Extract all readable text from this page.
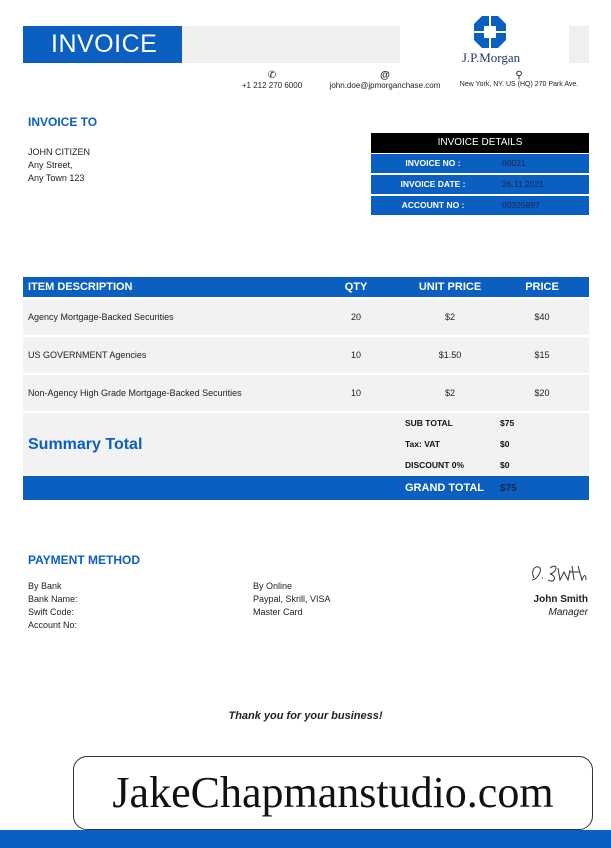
INVOICE	J.P.Morgan
✆
+1 212 270 6000
@
john.doe@jpmorganchase.com
⚲
New York, NY. US (HQ) 270 Park Ave.
INVOICE TO
JOHN CITIZEN
Any Street,
Any Town 123
INVOICE DETAILS
INVOICE NO :	00021
INVOICE DATE :	26.11.2021
ACCOUNT NO :	00325897
ITEM DESCRIPTION	QTY	UNIT PRICE	PRICE
Agency Mortgage-Backed Securities	20	$2	$40
US GOVERNMENT Agencies	10	$1.50	$15
Non-Agency High Grade Mortgage-Backed Securities	10	$2	$20
Summary Total
SUB TOTAL	$75
Tax: VAT	$0
DISCOUNT 0%	$0
GRAND TOTAL $75
PAYMENT METHOD
By Bank
Bank Name:
Swift Code:
Account No:
By Online
Paypal, Skrill, VISA
Master Card
John Smith
Manager
Thank you for your business!
JakeChapmanstudio.com
